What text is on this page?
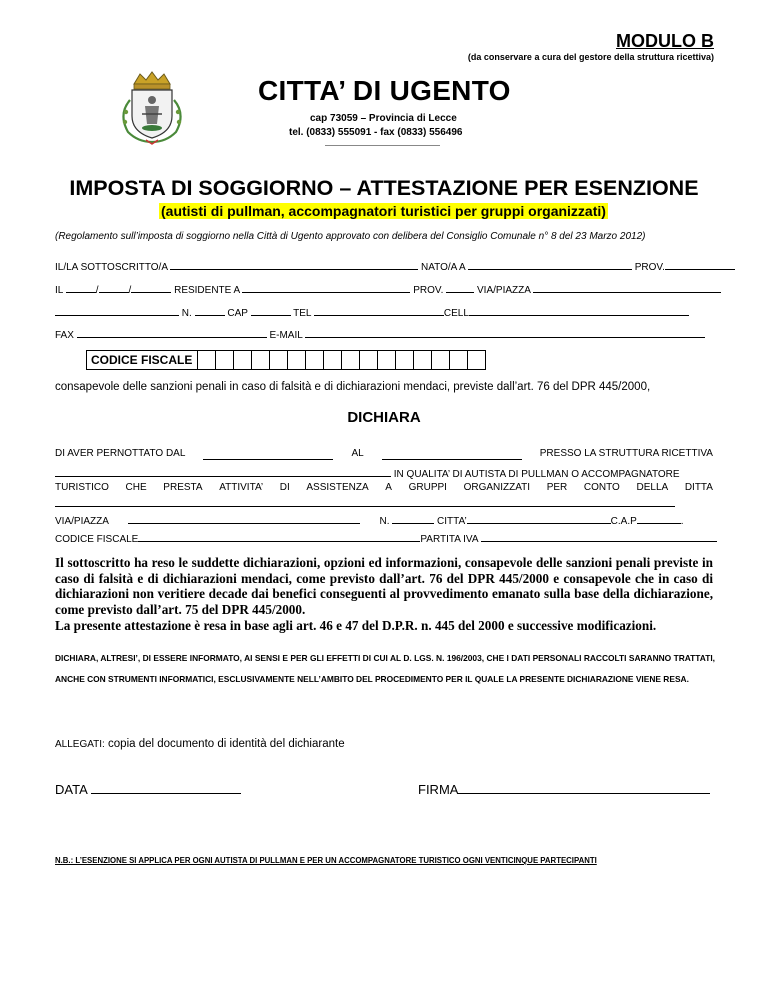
MODULO B
(da conservare a cura del gestore della struttura ricettiva)
CITTA’ DI UGENTO
cap 73059 – Provincia di Lecce
tel. (0833) 555091 - fax (0833) 556496
IMPOSTA DI SOGGIORNO – ATTESTAZIONE PER ESENZIONE
(autisti di pullman, accompagnatori turistici per gruppi organizzati)
(Regolamento sull’imposta di soggiorno nella Città di Ugento approvato con delibera del Consiglio Comunale n° 8 del 23 Marzo 2012)
IL/LA SOTTOSCRITTO/A	NATO/A A	PROV.
IL	/	/	RESIDENTE A	PROV.	VIA/PIAZZA
N.	CAP	TEL	CELL
FAX	E-MAIL
CODICE FISCALE
consapevole delle sanzioni penali in caso di falsità e di dichiarazioni mendaci, previste dall’art. 76 del DPR 445/2000,
DICHIARA
DI AVER PERNOTTATO DAL	AL	PRESSO LA STRUTTURA RICETTIVA
IN QUALITA’ DI AUTISTA DI PULLMAN O ACCOMPAGNATORE
TURISTICO CHE PRESTA ATTIVITA’ DI ASSISTENZA A GRUPPI ORGANIZZATI PER CONTO DELLA DITTA
VIA/PIAZZA	N.	CITTA’	C.A.P	.
CODICE FISCALE	PARTITA IVA
Il sottoscritto ha reso le suddette dichiarazioni, opzioni ed informazioni, consapevole delle sanzioni penali previste in caso di falsità e di dichiarazioni mendaci, come previsto dall’art. 76 del DPR 445/2000 e consapevole che in caso di dichiarazioni non veritiere decade dai benefici conseguenti al provvedimento emanato sulla base della dichiarazione, come previsto dall’art. 75 del DPR 445/2000.
La presente attestazione è resa in base agli art. 46 e 47 del D.P.R. n. 445 del 2000 e successive modificazioni.
DICHIARA, ALTRESI’, DI ESSERE INFORMATO, AI SENSI E PER GLI EFFETTI DI CUI AL D. LGS. N. 196/2003, CHE I DATI PERSONALI RACCOLTI SARANNO TRATTATI, ANCHE CON STRUMENTI INFORMATICI, ESCLUSIVAMENTE NELL’AMBITO DEL PROCEDIMENTO PER IL QUALE LA PRESENTE DICHIARAZIONE VIENE RESA.
ALLEGATI: copia del documento di identità del dichiarante
DATA	FIRMA
N.B.: L’ESENZIONE SI APPLICA PER OGNI AUTISTA DI PULLMAN E PER UN ACCOMPAGNATORE TURISTICO OGNI VENTICINQUE PARTECIPANTI
